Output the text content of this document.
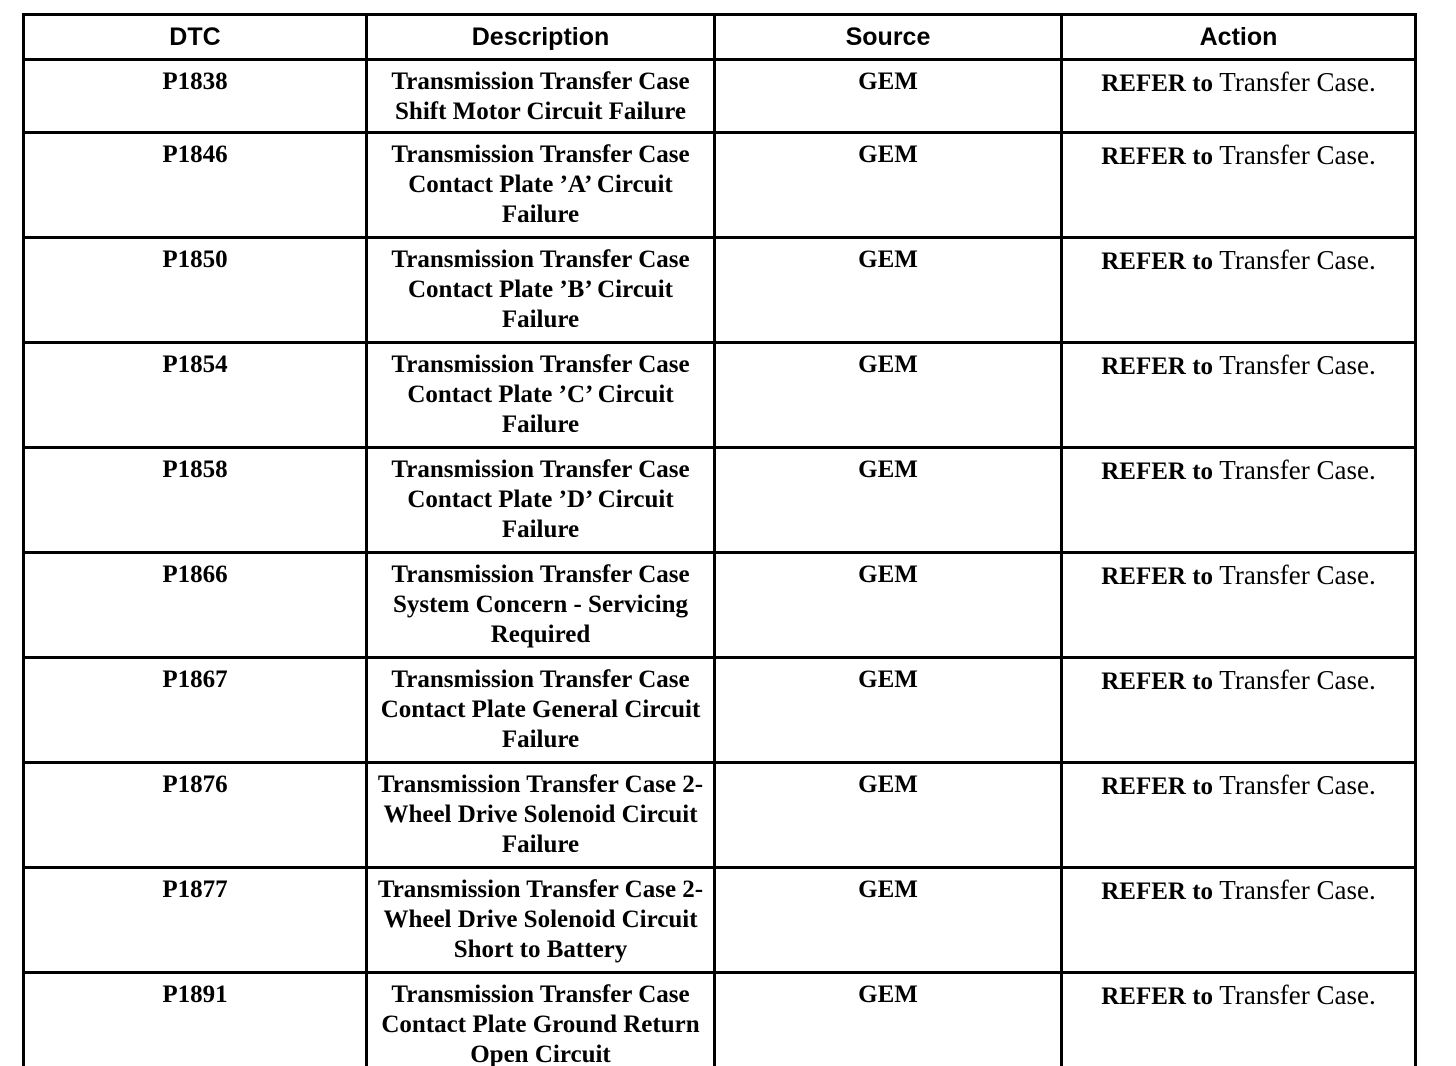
DTC	Description	Source	Action
P1838	Transmission Transfer Case Shift Motor Circuit Failure	GEM	REFER to Transfer Case.
P1846	Transmission Transfer Case Contact Plate ’A’ Circuit Failure	GEM	REFER to Transfer Case.
P1850	Transmission Transfer Case Contact Plate ’B’ Circuit Failure	GEM	REFER to Transfer Case.
P1854	Transmission Transfer Case Contact Plate ’C’ Circuit Failure	GEM	REFER to Transfer Case.
P1858	Transmission Transfer Case Contact Plate ’D’ Circuit Failure	GEM	REFER to Transfer Case.
P1866	Transmission Transfer Case System Concern - Servicing Required	GEM	REFER to Transfer Case.
P1867	Transmission Transfer Case Contact Plate General Circuit Failure	GEM	REFER to Transfer Case.
P1876	Transmission Transfer Case 2-Wheel Drive Solenoid Circuit Failure	GEM	REFER to Transfer Case.
P1877	Transmission Transfer Case 2-Wheel Drive Solenoid Circuit Short to Battery	GEM	REFER to Transfer Case.
P1891	Transmission Transfer Case Contact Plate Ground Return Open Circuit	GEM	REFER to Transfer Case.
